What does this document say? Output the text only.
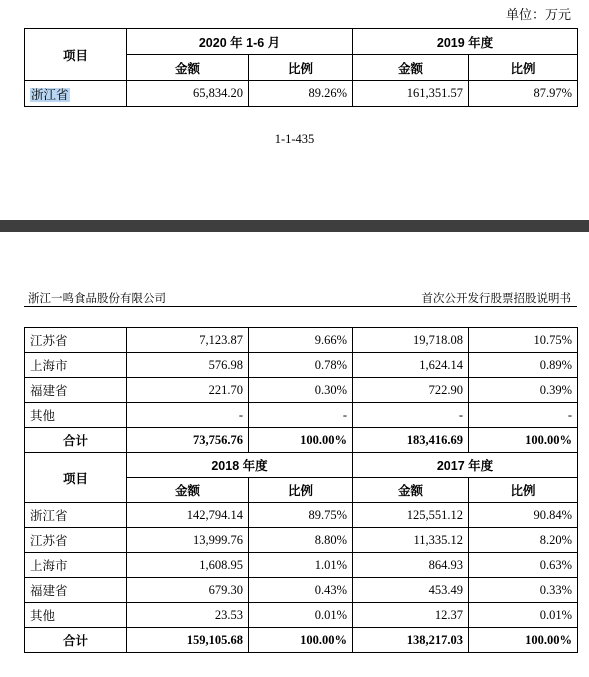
单位：万元
项目	2020 年 1-6 月		2019 年度	
	金额	比例	金额	比例
浙江省	65,834.20	89.26%	161,351.57	87.97%
1-1-435
浙江一鸣食品股份有限公司	首次公开发行股票招股说明书
江苏省	7,123.87	9.66%	19,718.08	10.75%
上海市	576.98	0.78%	1,624.14	0.89%
福建省	221.70	0.30%	722.90	0.39%
其他	-	-	-	-
合计	73,756.76	100.00%	183,416.69	100.00%
项目	2018 年度		2017 年度	
	金额	比例	金额	比例
浙江省	142,794.14	89.75%	125,551.12	90.84%
江苏省	13,999.76	8.80%	11,335.12	8.20%
上海市	1,608.95	1.01%	864.93	0.63%
福建省	679.30	0.43%	453.49	0.33%
其他	23.53	0.01%	12.37	0.01%
合计	159,105.68	100.00%	138,217.03	100.00%
